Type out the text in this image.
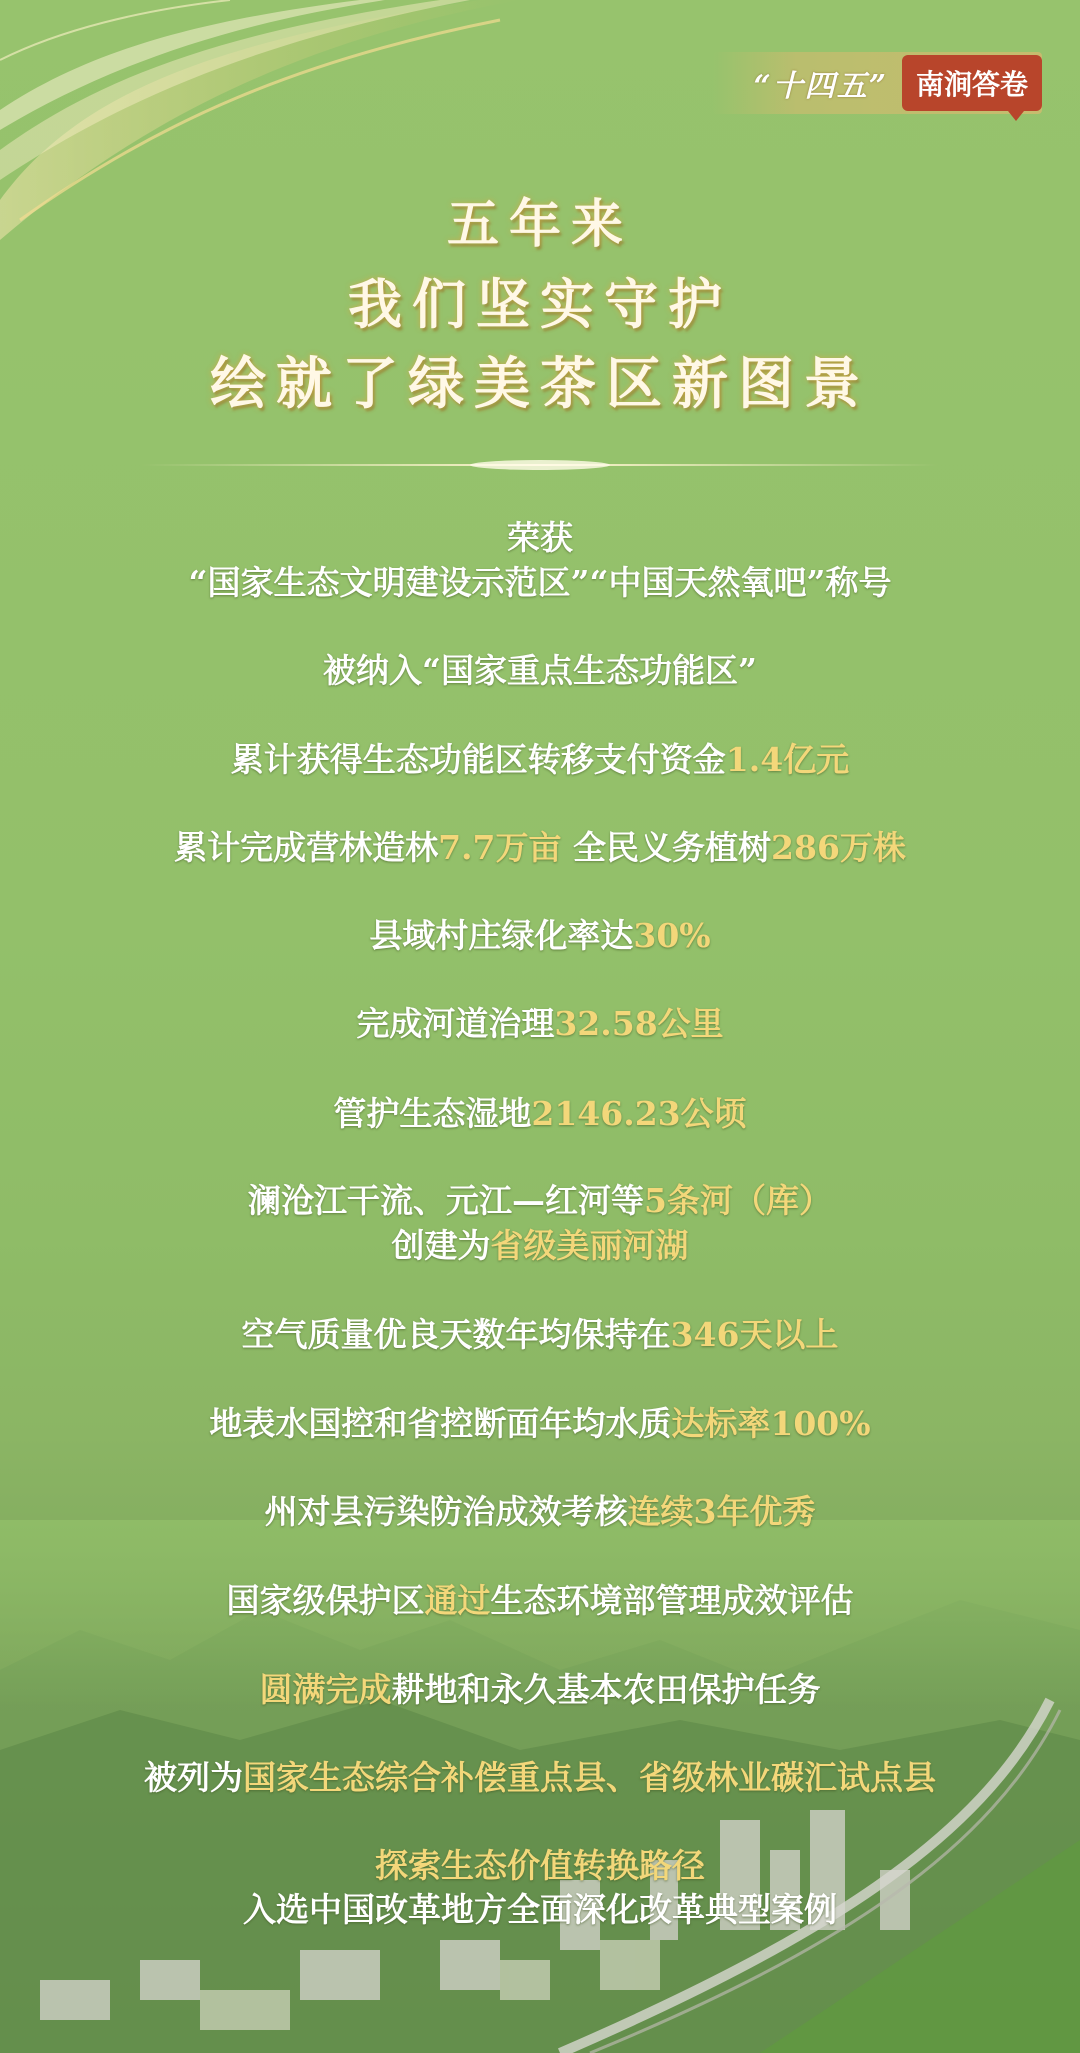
“十四五”	南涧答卷
五年来
我们坚实守护
绘就了绿美茶区新图景
荣获
“国家生态文明建设示范区”“中国天然氧吧”称号
被纳入“国家重点生态功能区”
累计获得生态功能区转移支付资金1.4亿元
累计完成营林造林7.7万亩 全民义务植树286万株
县域村庄绿化率达30%
完成河道治理32.58公里
管护生态湿地2146.23公顷
澜沧江干流、元江—红河等5条河（库）
创建为省级美丽河湖
空气质量优良天数年均保持在346天以上
地表水国控和省控断面年均水质达标率100%
州对县污染防治成效考核连续3年优秀
国家级保护区通过生态环境部管理成效评估
圆满完成耕地和永久基本农田保护任务
被列为国家生态综合补偿重点县、省级林业碳汇试点县
探索生态价值转换路径
入选中国改革地方全面深化改革典型案例
